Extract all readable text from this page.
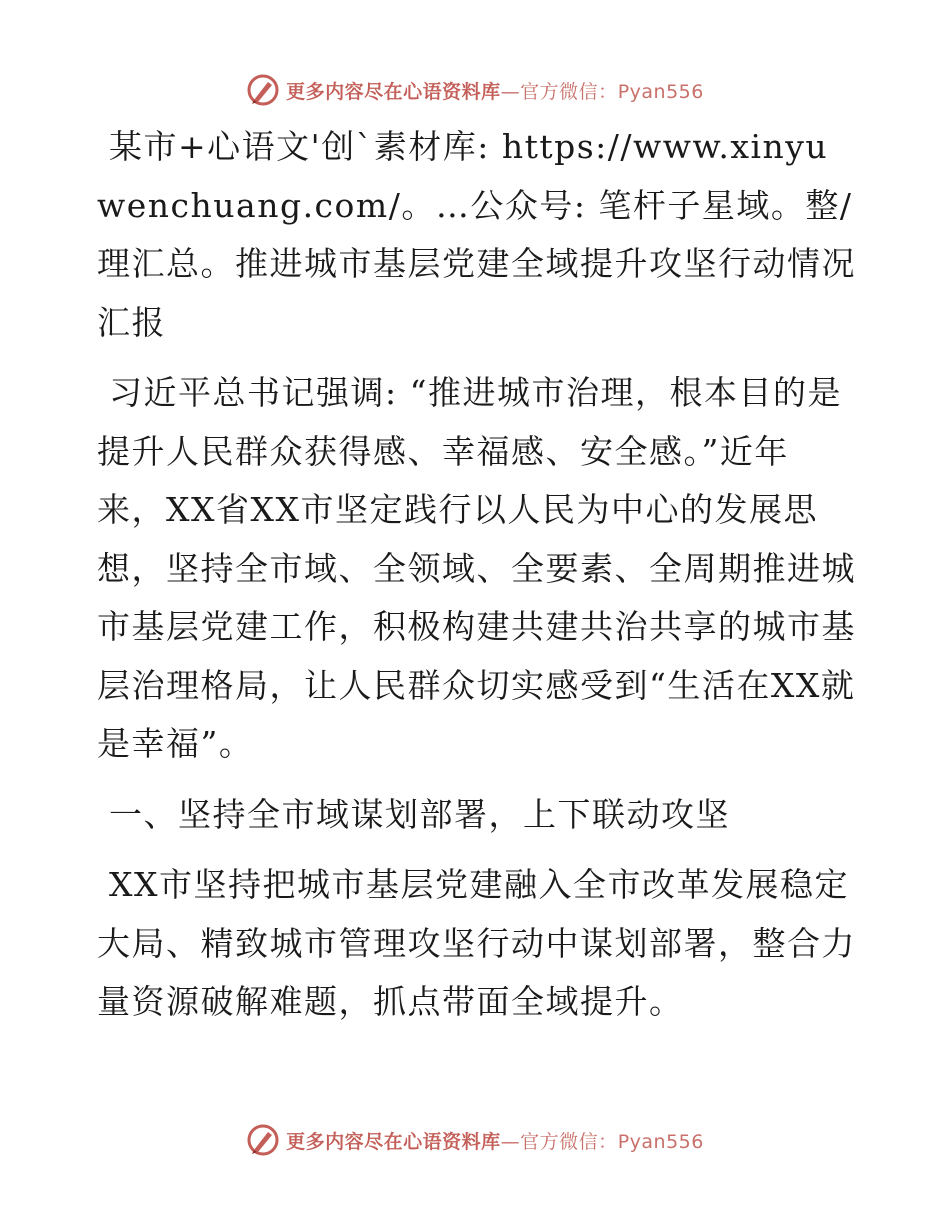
更多内容尽在心语资料库—官方微信：Pyan556

某市+心语文'创`素材库: https://www.xinyuwenchuang.com/。…公众号: 笔杆子星域。整/理汇总。推进城市基层党建全域提升攻坚行动情况汇报

习近平总书记强调: “推进城市治理，根本目的是提升人民群众获得感、幸福感、安全感。”近年来，XX省XX市坚定践行以人民为中心的发展思想，坚持全市域、全领域、全要素、全周期推进城市基层党建工作，积极构建共建共治共享的城市基层治理格局，让人民群众切实感受到“生活在XX就是幸福”。

一、坚持全市域谋划部署，上下联动攻坚

XX市坚持把城市基层党建融入全市改革发展稳定大局、精致城市管理攻坚行动中谋划部署，整合力量资源破解难题，抓点带面全域提升。

更多内容尽在心语资料库—官方微信：Pyan556
